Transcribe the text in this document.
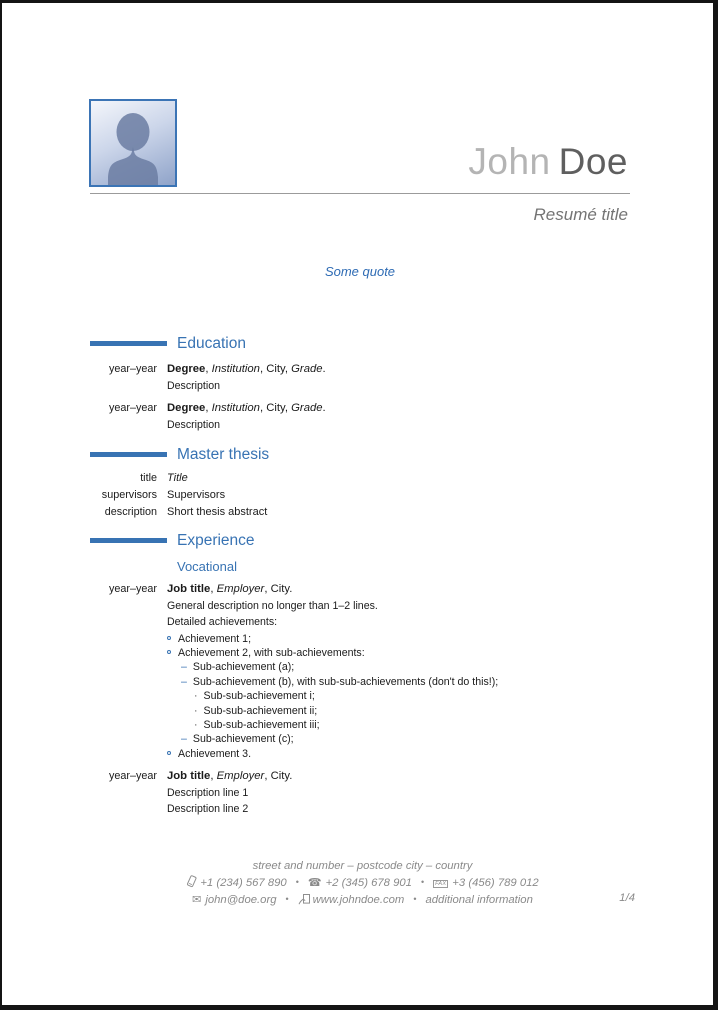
John Doe
Resumé title
Some quote
Education
year–year Degree, Institution, City, Grade.
Description
year–year Degree, Institution, City, Grade.
Description
Master thesis
title Title
supervisors Supervisors
description Short thesis abstract
Experience
Vocational
year–year Job title, Employer, City.
General description no longer than 1–2 lines.
Detailed achievements:
Achievement 1;
Achievement 2, with sub-achievements:
– Sub-achievement (a);
– Sub-achievement (b), with sub-sub-achievements (don't do this!);
· Sub-sub-achievement i;
· Sub-sub-achievement ii;
· Sub-sub-achievement iii;
– Sub-achievement (c);
Achievement 3.
year–year Job title, Employer, City.
Description line 1
Description line 2
street and number – postcode city – country
+1 (234) 567 890 • ☎ +2 (345) 678 901 • FAX +3 (456) 789 012
✉ john@doe.org • www.johndoe.com • additional information	1/4
